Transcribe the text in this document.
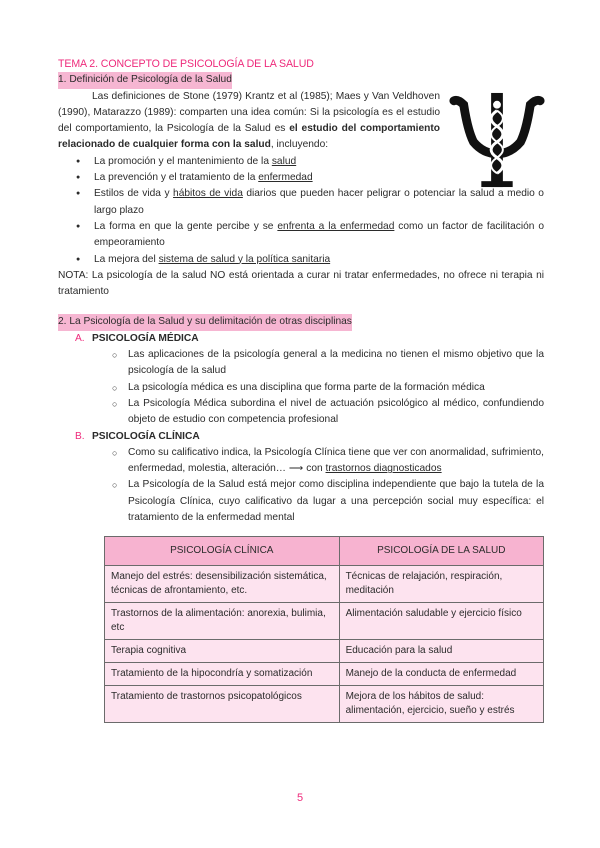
TEMA 2. CONCEPTO DE PSICOLOGÍA DE LA SALUD

1. Definición de Psicología de la Salud

Las definiciones de Stone (1979) Krantz et al (1985); Maes y Van Veldhoven (1990), Matarazzo (1989): comparten una idea común: Si la psicología es el estudio del comportamiento, la Psicología de la Salud es el estudio del comportamiento relacionado de cualquier forma con la salud, incluyendo:

● La promoción y el mantenimiento de la salud
● La prevención y el tratamiento de la enfermedad
● Estilos de vida y hábitos de vida diarios que pueden hacer peligrar o potenciar la salud a medio o largo plazo
● La forma en que la gente percibe y se enfrenta a la enfermedad como un factor de facilitación o empeoramiento
● La mejora del sistema de salud y la política sanitaria

NOTA: La psicología de la salud NO está orientada a curar ni tratar enfermedades, no ofrece ni terapia ni tratamiento

2. La Psicología de la Salud y su delimitación de otras disciplinas

A. PSICOLOGÍA MÉDICA
○ Las aplicaciones de la psicología general a la medicina no tienen el mismo objetivo que la psicología de la salud
○ La psicología médica es una disciplina que forma parte de la formación médica
○ La Psicología Médica subordina el nivel de actuación psicológico al médico, confundiendo objeto de estudio con competencia profesional
B. PSICOLOGÍA CLÍNICA
○ Como su calificativo indica, la Psicología Clínica tiene que ver con anormalidad, sufrimiento, enfermedad, molestia, alteración… ⟶ con trastornos diagnosticados
○ La Psicología de la Salud está mejor como disciplina independiente que bajo la tutela de la Psicología Clínica, cuyo calificativo da lugar a una percepción social muy específica: el tratamiento de la enfermedad mental
PSICOLOGÍA CLÍNICA	PSICOLOGÍA DE LA SALUD
Manejo del estrés: desensibilización sistemática, técnicas de afrontamiento, etc.	Técnicas de relajación, respiración, meditación
Trastornos de la alimentación: anorexia, bulimia, etc	Alimentación saludable y ejercicio físico
Terapia cognitiva	Educación para la salud
Tratamiento de la hipocondría y somatización	Manejo de la conducta de enfermedad
Tratamiento de trastornos psicopatológicos	Mejora de los hábitos de salud: alimentación, ejercicio, sueño y estrés
5
